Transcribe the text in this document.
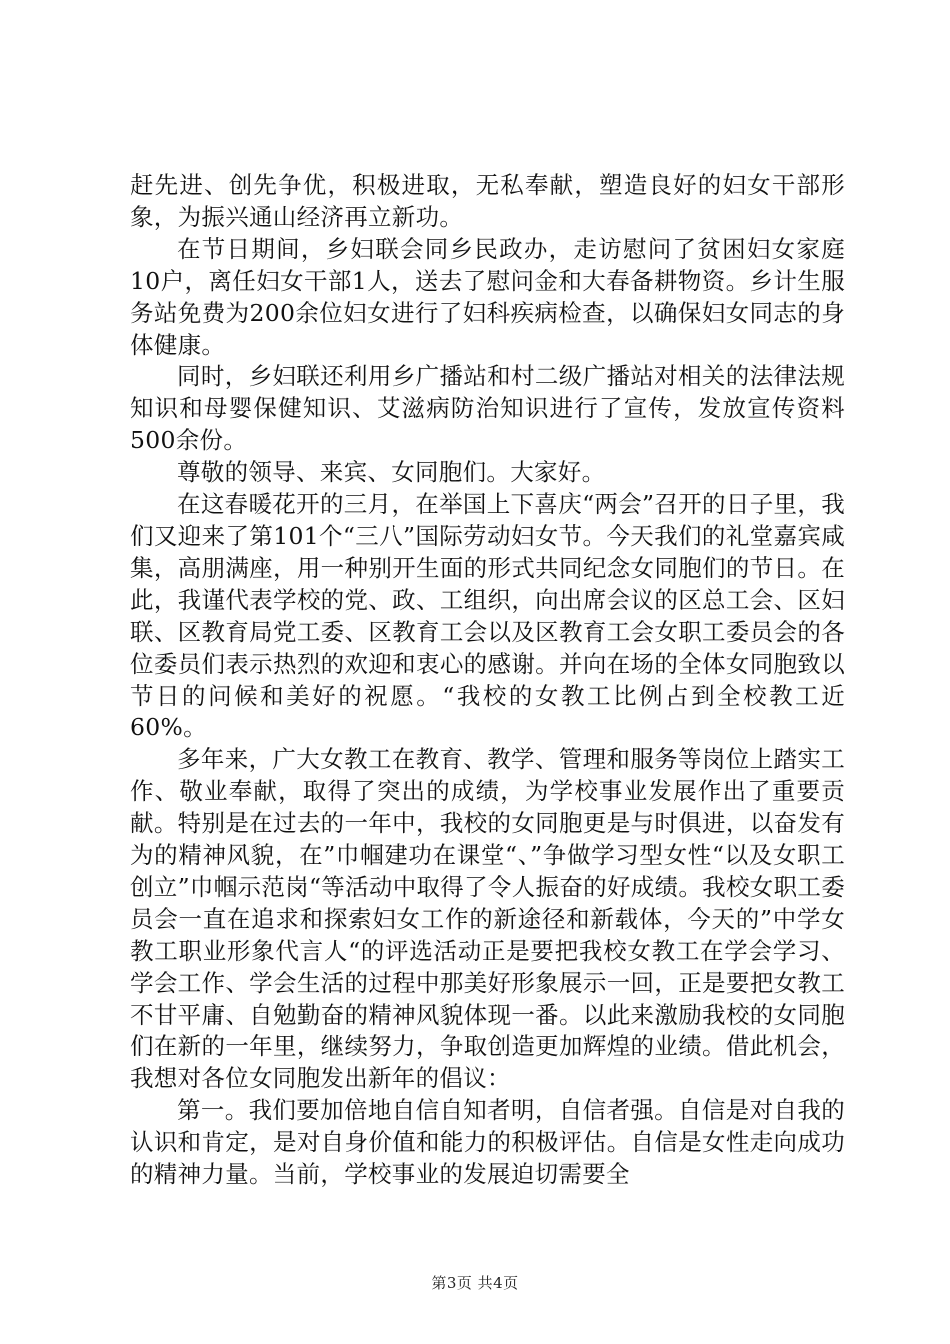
赶先进、创先争优，积极进取，无私奉献，塑造良好的妇女干部形象，为振兴通山经济再立新功。

在节日期间，乡妇联会同乡民政办，走访慰问了贫困妇女家庭10户，离任妇女干部1人，送去了慰问金和大春备耕物资。乡计生服务站免费为200余位妇女进行了妇科疾病检查，以确保妇女同志的身体健康。

同时，乡妇联还利用乡广播站和村二级广播站对相关的法律法规知识和母婴保健知识、艾滋病防治知识进行了宣传，发放宣传资料500余份。

尊敬的领导、来宾、女同胞们。大家好。

在这春暖花开的三月，在举国上下喜庆“两会”召开的日子里，我们又迎来了第101个“三八”国际劳动妇女节。今天我们的礼堂嘉宾咸集，高朋满座，用一种别开生面的形式共同纪念女同胞们的节日。在此，我谨代表学校的党、政、工组织，向出席会议的区总工会、区妇联、区教育局党工委、区教育工会以及区教育工会女职工委员会的各位委员们表示热烈的欢迎和衷心的感谢。并向在场的全体女同胞致以节日的问候和美好的祝愿。“我校的女教工比例占到全校教工近60%。

多年来，广大女教工在教育、教学、管理和服务等岗位上踏实工作、敬业奉献，取得了突出的成绩，为学校事业发展作出了重要贡献。特别是在过去的一年中，我校的女同胞更是与时俱进，以奋发有为的精神风貌，在”巾帼建功在课堂“、”争做学习型女性“以及女职工创立”巾帼示范岗“等活动中取得了令人振奋的好成绩。我校女职工委员会一直在追求和探索妇女工作的新途径和新载体，今天的”中学女教工职业形象代言人“的评选活动正是要把我校女教工在学会学习、学会工作、学会生活的过程中那美好形象展示一回，正是要把女教工不甘平庸、自勉勤奋的精神风貌体现一番。以此来激励我校的女同胞们在新的一年里，继续努力，争取创造更加辉煌的业绩。借此机会，我想对各位女同胞发出新年的倡议：

第一。我们要加倍地自信自知者明，自信者强。自信是对自我的认识和肯定，是对自身价值和能力的积极评估。自信是女性走向成功的精神力量。当前，学校事业的发展迫切需要全

第3页 共4页
